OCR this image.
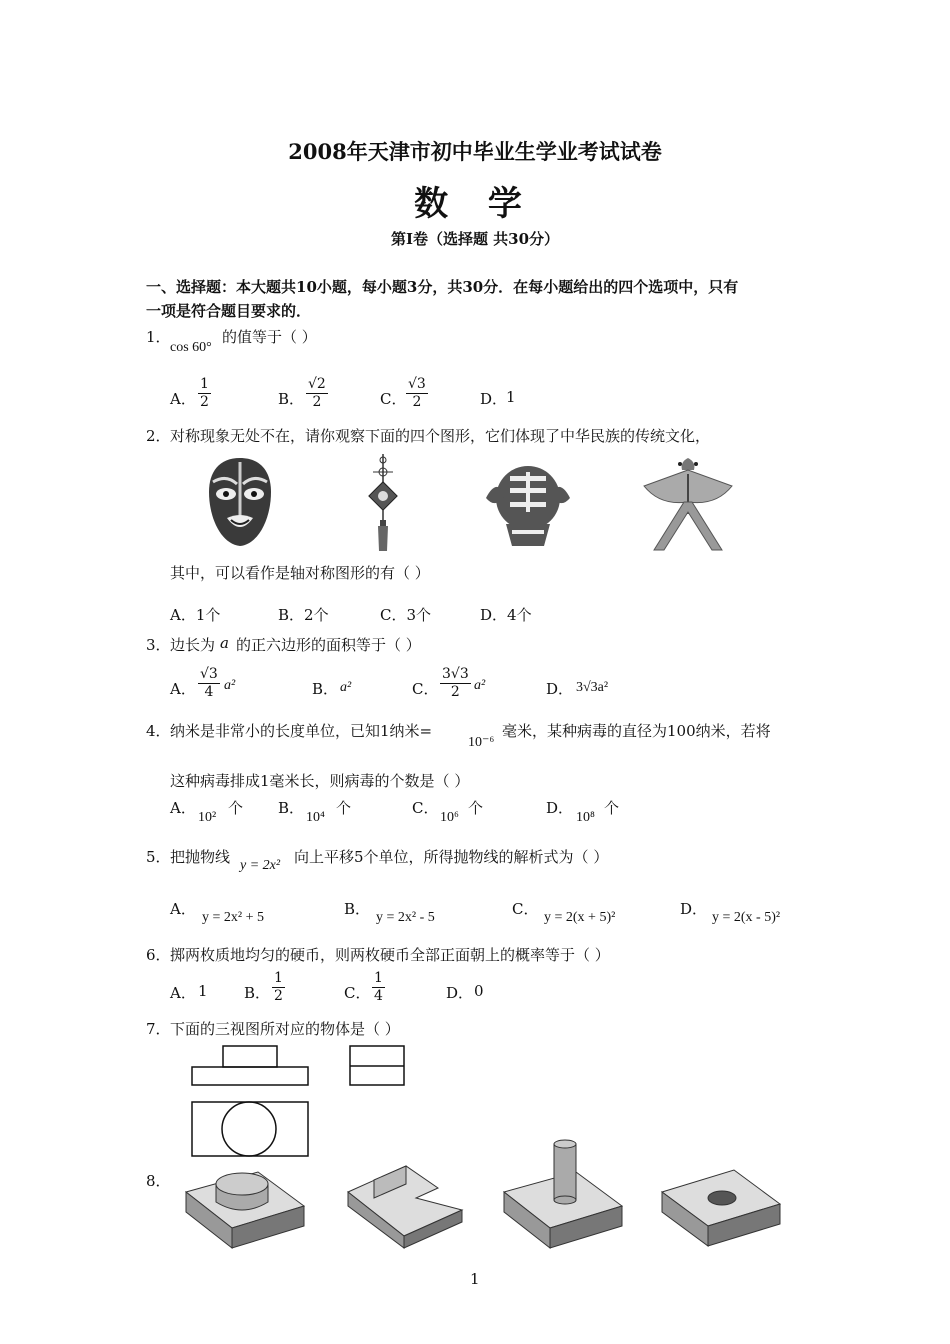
2008年天津市初中毕业生学业考试试卷
数 学
第Ⅰ卷（选择题 共30分）
一、选择题：本大题共10小题，每小题3分，共30分．在每小题给出的四个选项中，只有
一项是符合题目要求的．
1．
cos 60°
的值等于（ ）
A． $\frac{1}{2}$	B． $\frac{√2}{2}$	C． $\frac{√3}{2}$	D．
1
2． 对称现象无处不在，请你观察下面的四个图形，它们体现了中华民族的传统文化，
其中，可以看作是轴对称图形的有（ ）
A．1个	B．2个	C．3个	D．4个
3． 边长为 a 的正六边形的面积等于（ ）
A． $\frac{√3}{4} a^2$	B． a²	C． $\frac{3√3}{2} a^2$	D． 3√3a²
4． 纳米是非常小的长度单位，已知1纳米=
10⁻⁶
毫米，某种病毒的直径为100纳米，若将
这种病毒排成1毫米长，则病毒的个数是（ ）
A．
10²
个 B．
10⁴
个	C．
10⁶
个	D．
10⁸
个
5． 把抛物线 y = 2x² 向上平移5个单位，所得抛物线的解析式为（ ）
A． y = 2x² + 5	B． y = 2x² - 5	C． y = 2(x + 5)²	D． y = 2(x - 5)²
6． 掷两枚质地均匀的硬币，则两枚硬币全部正面朝上的概率等于（ ）
A． 1 B． $\frac{1}{2}$	C． $\frac{1}{4}$	D． 0
7． 下面的三视图所对应的物体是（ ）
8．
1
